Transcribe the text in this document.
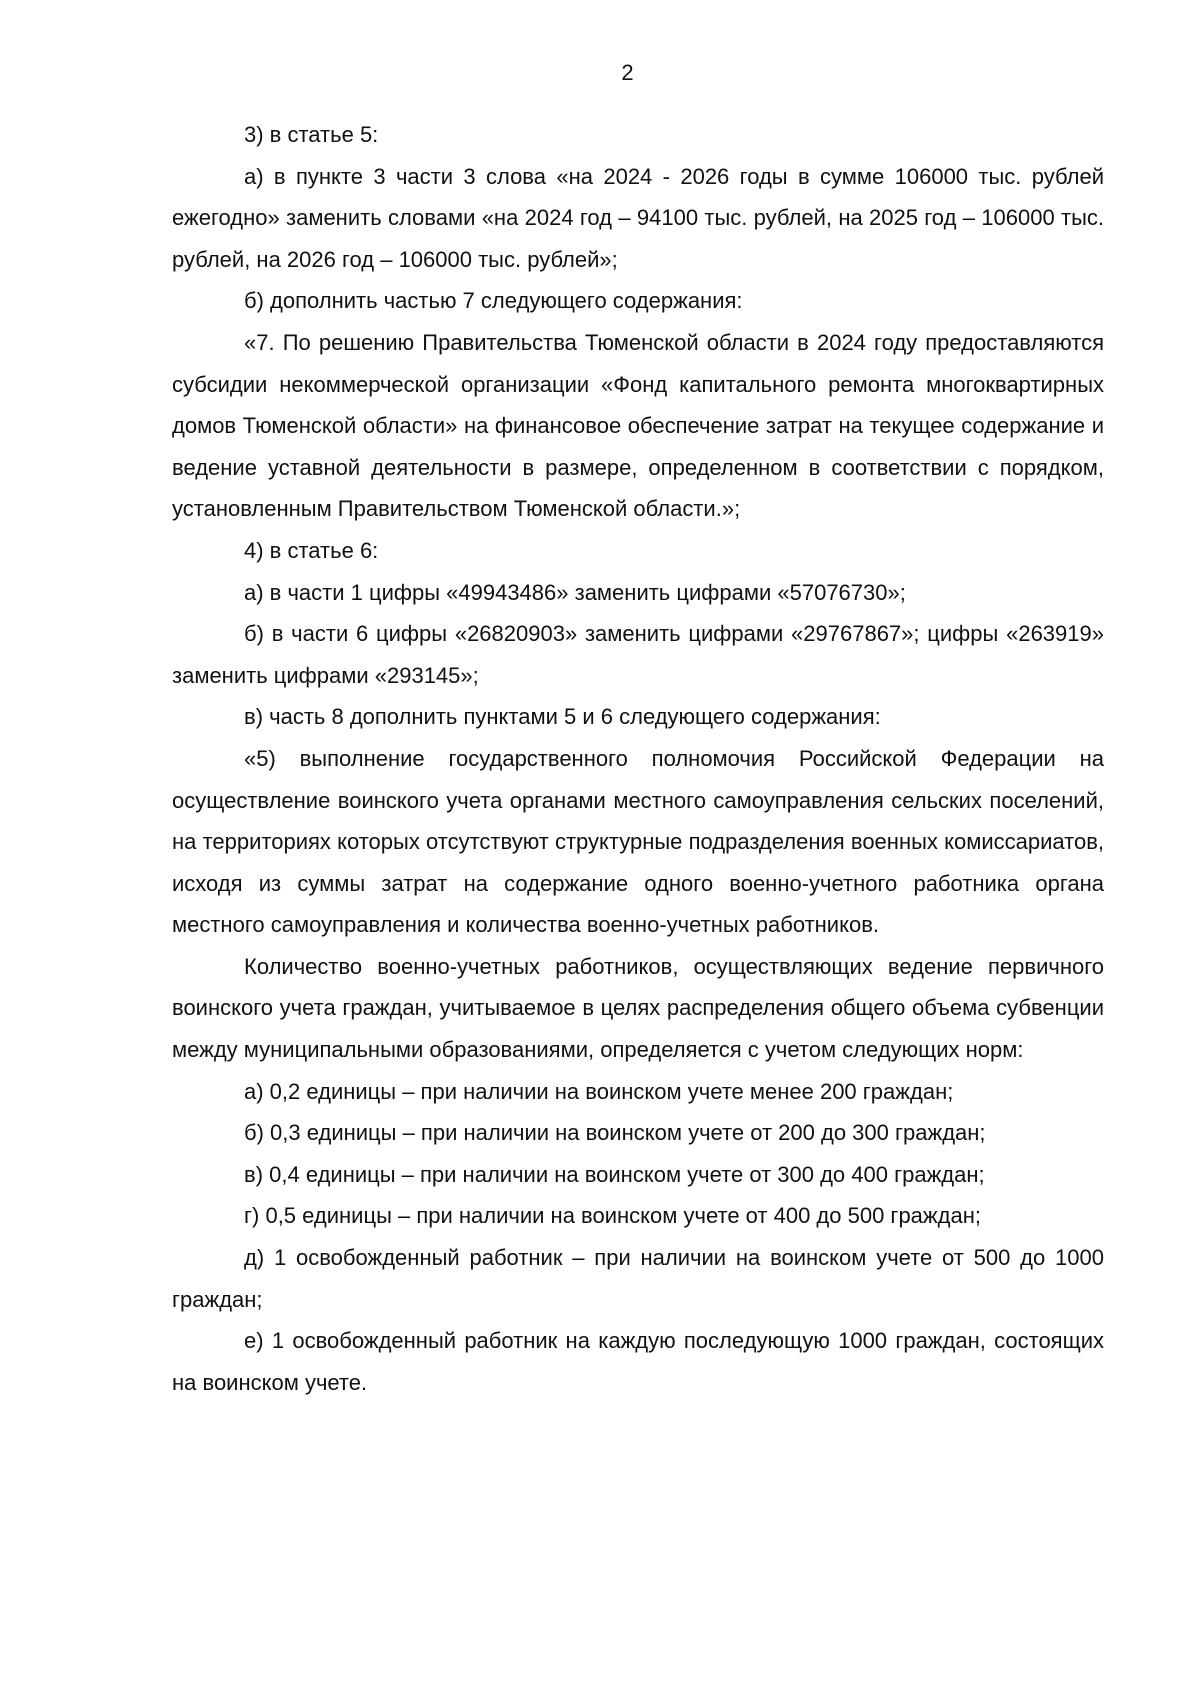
2

3) в статье 5:

а) в пункте 3 части 3 слова «на 2024 - 2026 годы в сумме 106000 тыс. рублей ежегодно» заменить словами «на 2024 год – 94100 тыс. рублей, на 2025 год – 106000 тыс. рублей, на 2026 год – 106000 тыс. рублей»;

б) дополнить частью 7 следующего содержания:

«7. По решению Правительства Тюменской области в 2024 году предоставляются субсидии некоммерческой организации «Фонд капитального ремонта многоквартирных домов Тюменской области» на финансовое обеспечение затрат на текущее содержание и ведение уставной деятельности в размере, определенном в соответствии с порядком, установленным Правительством Тюменской области.»;

4) в статье 6:

а) в части 1 цифры «49943486» заменить цифрами «57076730»;

б) в части 6 цифры «26820903» заменить цифрами «29767867»; цифры «263919» заменить цифрами «293145»;

в) часть 8 дополнить пунктами 5 и 6 следующего содержания:

«5) выполнение государственного полномочия Российской Федерации на осуществление воинского учета органами местного самоуправления сельских поселений, на территориях которых отсутствуют структурные подразделения военных комиссариатов, исходя из суммы затрат на содержание одного военно-учетного работника органа местного самоуправления и количества военно-учетных работников.

Количество военно-учетных работников, осуществляющих ведение первичного воинского учета граждан, учитываемое в целях распределения общего объема субвенции между муниципальными образованиями, определяется с учетом следующих норм:

а) 0,2 единицы – при наличии на воинском учете менее 200 граждан;

б) 0,3 единицы – при наличии на воинском учете от 200 до 300 граждан;

в) 0,4 единицы – при наличии на воинском учете от 300 до 400 граждан;

г) 0,5 единицы – при наличии на воинском учете от 400 до 500 граждан;

д) 1 освобожденный работник – при наличии на воинском учете от 500 до 1000 граждан;

е) 1 освобожденный работник на каждую последующую 1000 граждан, состоящих на воинском учете.
